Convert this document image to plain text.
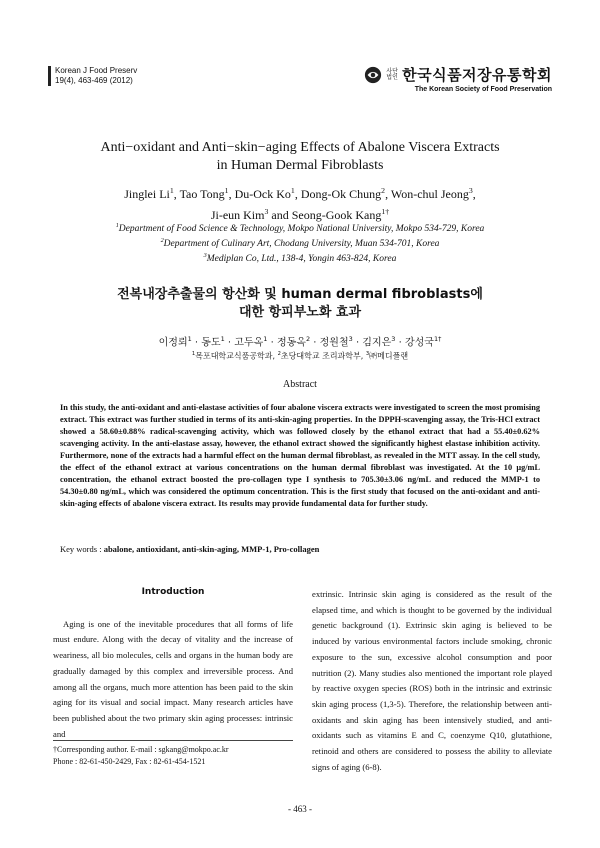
Korean J Food Preserv
19(4), 463-469 (2012)
사단법인 한국식품저장유통학회
The Korean Society of Food Preservation
Anti−oxidant and Anti−skin−aging Effects of Abalone Viscera Extracts
in Human Dermal Fibroblasts
Jinglei Li$^1$, Tao Tong$^1$, Du-Ock Ko$^1$, Dong-Ok Chung$^2$, Won-chul Jeong$^3$,
Ji-eun Kim$^3$ and Seong-Gook Kang$^{1\dagger}$
$^1$Department of Food Science & Technology, Mokpo National University, Mokpo 534-729, Korea
$^2$Department of Culinary Art, Chodang University, Muan 534-701, Korea
$^3$Mediplan Co, Ltd., 138-4, Yongin 463-824, Korea
전복내장추출물의 항산화 및 human dermal fibroblasts에
대한 항피부노화 효과
이정뢰$^1$ · 동도$^1$ · 고두옥$^1$ · 정동옥$^2$ · 정원철$^3$ · 김지은$^3$ · 강성국$^{1\dagger}$
$^1$목포대학교식품공학과, $^2$초당대학교 조리과학부, $^3$㈜메디플랜
Abstract
In this study, the anti-oxidant and anti-elastase activities of four abalone viscera extracts were investigated to screen the most promising extract. This extract was further studied in terms of its anti-skin-aging properties. In the DPPH-scavenging assay, the Tris-HCl extract showed a 58.60±0.88% radical-scavenging activity, which was followed closely by the ethanol extract that had a 55.40±0.62% scavenging activity. In the anti-elastase assay, however, the ethanol extract showed the significantly highest elastase inhibition activity. Furthermore, none of the extracts had a harmful effect on the human dermal fibroblast, as revealed in the MTT assay. In the cell study, the effect of the ethanol extract at various concentrations on the human dermal fibroblast was investigated. At the 10 μg/mL concentration, the ethanol extract boosted the pro-collagen type I synthesis to 705.30±3.06 ng/mL and reduced the MMP-1 to 54.30±0.80 ng/mL, which was considered the optimum concentration. This is the first study that focused on the anti-oxidant and anti-skin-aging effects of abalone viscera extract. Its results may provide fundamental data for further study.
Key words : abalone, antioxidant, anti-skin-aging, MMP-1, Pro-collagen
Introduction
Aging is one of the inevitable procedures that all forms of life must endure. Along with the decay of vitality and the increase of weariness, all bio molecules, cells and organs in the human body are gradually damaged by this complex and irreversible process. And among all the organs, much more attention has been paid to the skin aging for its visual and social impact. Many research articles have been published about the two primary skin aging processes: intrinsic and
extrinsic. Intrinsic skin aging is considered as the result of the elapsed time, and which is thought to be governed by the individual genetic background (1). Extrinsic skin aging is believed to be induced by various environmental factors include smoking, chronic exposure to the sun, excessive alcohol consumption and poor nutrition (2). Many studies also mentioned the important role played by reactive oxygen species (ROS) both in the intrinsic and extrinsic skin aging process (1,3-5). Therefore, the relationship between anti-oxidants and skin aging has been intensively studied, and anti-oxidants such as vitamins E and C, coenzyme Q10, glutathione, retinoid and others are considered to possess the ability to alleviate signs of aging (6-8).
†Corresponding author. E-mail : sgkang@mokpo.ac.kr
Phone : 82-61-450-2429, Fax : 82-61-454-1521
- 463 -
